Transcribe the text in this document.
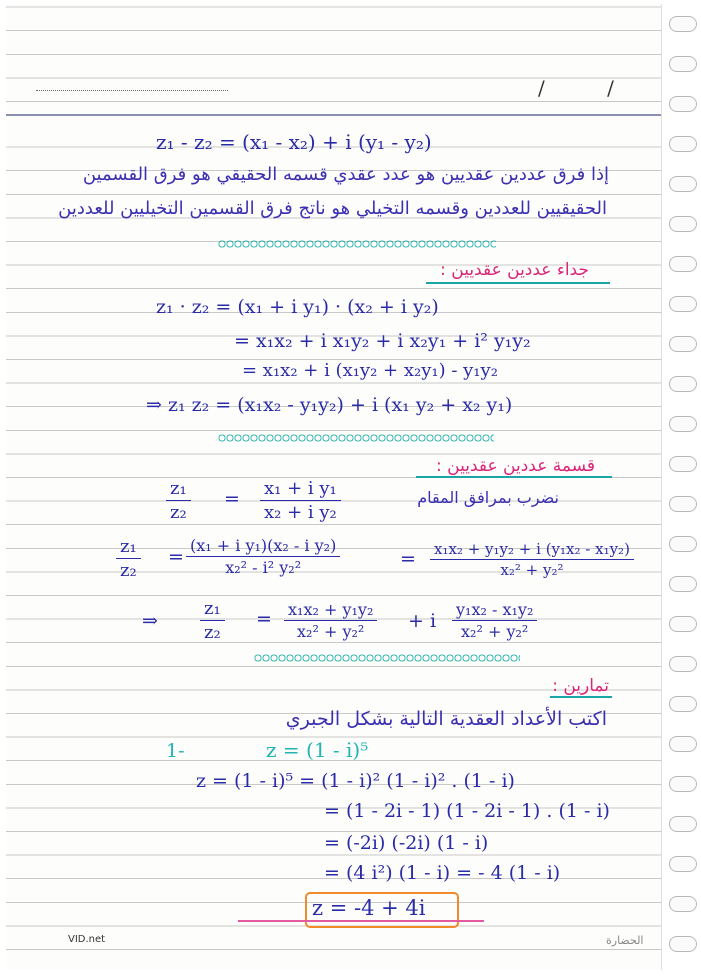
/ /
z₁ - z₂ = (x₁ - x₂) + i (y₁ - y₂)
إذا فرق عددين عقديين هو عدد عقدي قسمه الحقيقي هو فرق القسمين
الحقيقيين للعددين وقسمه التخيلي هو ناتج فرق القسمين التخيليين للعددين
جداء عددين عقديين :
z₁ · z₂ = (x₁ + i y₁) · (x₂ + i y₂)
= x₁x₂ + i x₁y₂ + i x₂y₁ + i² y₁y₂
= x₁x₂ + i (x₁y₂ + x₂y₁) - y₁y₂
⇒ z₁ z₂ = (x₁x₂ - y₁y₂) + i (x₁ y₂ + x₂ y₁)
قسمة عددين عقديين :
نضرب بمرافق المقام
$\frac{\text{z₁}}{\text{z₂}} = \frac{\text{x₁ + i y₁}}{\text{x₂ + i y₂}}$
$\frac{\text{z₁}}{\text{z₂}} = \frac{\text{(x₁ + i y₁)(x₂ - i y₂)}}{\text{x₂² - i² y₂²}}$	= $\frac{\text{x₁x₂ + y₁y₂ + i (y₁x₂ - x₁y₂)}}{\text{x₂² + y₂²}}$
⇒ $\frac{\text{z₁}}{\text{z₂}} = \frac{\text{x₁x₂ + y₁y₂}}{\text{x₂² + y₂²}} + i \frac{\text{y₁x₂ - x₁y₂}}{\text{x₂² + y₂²}}$
تمارين :
اكتب الأعداد العقدية التالية بشكل الجبري
1-	z = (1 - i)⁵
z = (1 - i)⁵ = (1 - i)² (1 - i)² . (1 - i)
= (1 - 2i - 1) (1 - 2i - 1) . (1 - i)
= (-2i) (-2i) (1 - i)
= (4 i²) (1 - i) = - 4 (1 - i)
z = -4 + 4i
VID.net	الحضارة
